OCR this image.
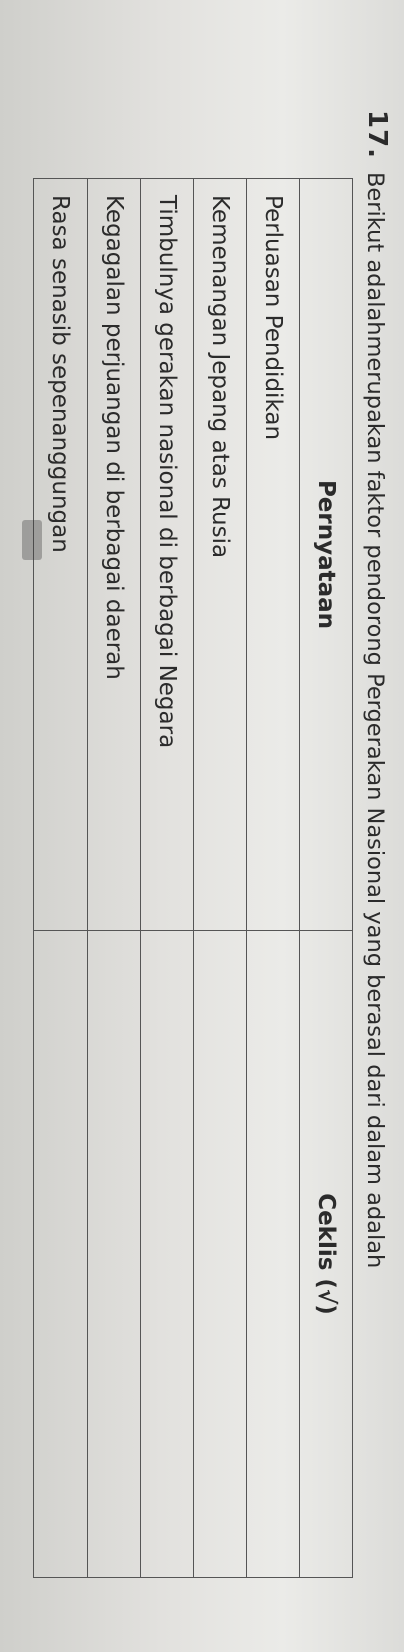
17.
Berikut adalahmerupakan faktor pendorong Pergerakan Nasional yang berasal dari dalam adalah
Pernyataan
Ceklis (√)
Perluasan Pendidikan
Kemenangan Jepang atas Rusia
Timbulnya gerakan nasional di berbagai Negara
Kegagalan perjuangan di berbagai daerah
Rasa senasib sepenanggungan
